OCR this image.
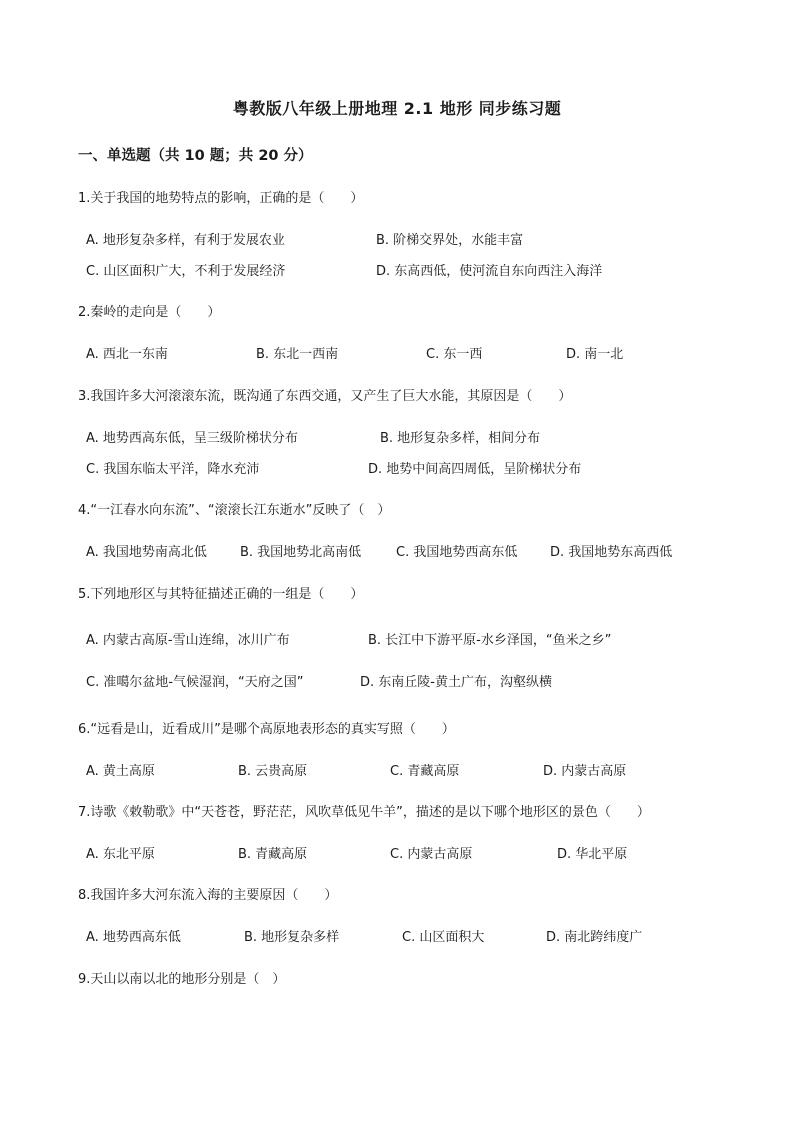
粤教版八年级上册地理 2.1 地形 同步练习题
一、单选题（共 10 题；共 20 分）
1.关于我国的地势特点的影响，正确的是（　　）
A. 地形复杂多样，有利于发展农业	B. 阶梯交界处，水能丰富
C. 山区面积广大，不利于发展经济	D. 东高西低，使河流自东向西注入海洋
2.秦岭的走向是（　　）
A. 西北一东南	B. 东北一西南	C. 东一西	D. 南一北
3.我国许多大河滚滚东流，既沟通了东西交通，又产生了巨大水能，其原因是（　　）
A. 地势西高东低，呈三级阶梯状分布	B. 地形复杂多样，相间分布
C. 我国东临太平洋，降水充沛	D. 地势中间高四周低，呈阶梯状分布
4.“一江春水向东流”、“滚滚长江东逝水”反映了（　）
A. 我国地势南高北低	B. 我国地势北高南低	C. 我国地势西高东低	D. 我国地势东高西低
5.下列地形区与其特征描述正确的一组是（　　）
A. 内蒙古高原-雪山连绵，冰川广布	B. 长江中下游平原-水乡泽国，“鱼米之乡”
C. 准噶尔盆地-气候湿润，“天府之国”	D. 东南丘陵-黄土广布，沟壑纵横
6.“远看是山，近看成川”是哪个高原地表形态的真实写照（　　）
A. 黄土高原	B. 云贵高原	C. 青藏高原	D. 内蒙古高原
7.诗歌《敕勒歌》中“天苍苍，野茫茫，风吹草低见牛羊”，描述的是以下哪个地形区的景色（　　）
A. 东北平原	B. 青藏高原	C. 内蒙古高原	D. 华北平原
8.我国许多大河东流入海的主要原因（　　）
A. 地势西高东低	B. 地形复杂多样	C. 山区面积大	D. 南北跨纬度广
9.天山以南以北的地形分别是（　）
